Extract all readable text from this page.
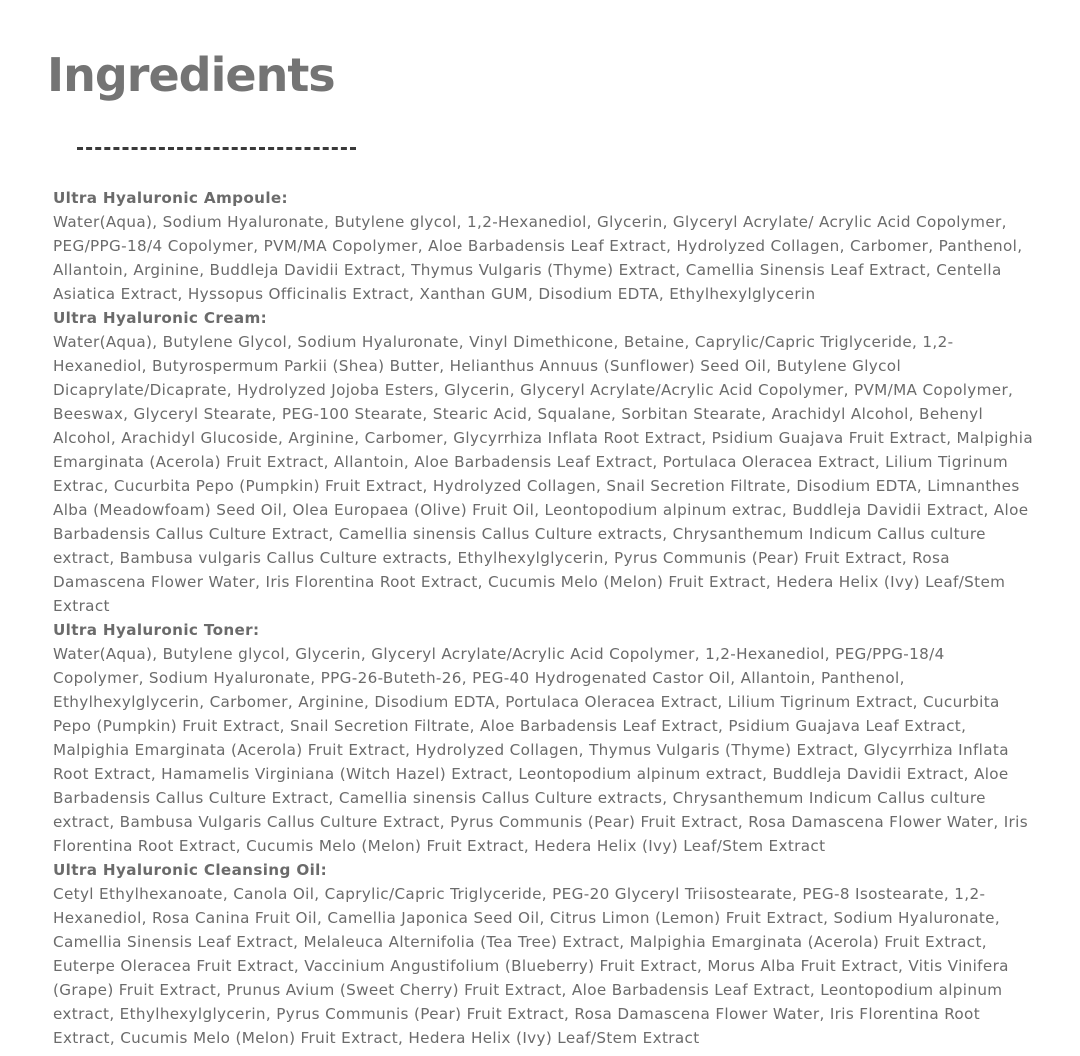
Ingredients

Ultra Hyaluronic Ampoule:

Water(Aqua), Sodium Hyaluronate, Butylene glycol, 1,2-Hexanediol, Glycerin, Glyceryl Acrylate/ Acrylic Acid Copolymer, PEG/PPG-18/4 Copolymer, PVM/MA Copolymer, Aloe Barbadensis Leaf Extract, Hydrolyzed Collagen, Carbomer, Panthenol, Allantoin, Arginine, Buddleja Davidii Extract, Thymus Vulgaris (Thyme) Extract, Camellia Sinensis Leaf Extract, Centella Asiatica Extract, Hyssopus Officinalis Extract, Xanthan GUM, Disodium EDTA, Ethylhexylglycerin

Ultra Hyaluronic Cream:

Water(Aqua), Butylene Glycol, Sodium Hyaluronate, Vinyl Dimethicone, Betaine, Caprylic/Capric Triglyceride, 1,2-Hexanediol, Butyrospermum Parkii (Shea) Butter, Helianthus Annuus (Sunflower) Seed Oil, Butylene Glycol Dicaprylate/Dicaprate, Hydrolyzed Jojoba Esters, Glycerin, Glyceryl Acrylate/Acrylic Acid Copolymer, PVM/MA Copolymer, Beeswax, Glyceryl Stearate, PEG-100 Stearate, Stearic Acid, Squalane, Sorbitan Stearate, Arachidyl Alcohol, Behenyl Alcohol, Arachidyl Glucoside, Arginine, Carbomer, Glycyrrhiza Inflata Root Extract, Psidium Guajava Fruit Extract, Malpighia Emarginata (Acerola) Fruit Extract, Allantoin, Aloe Barbadensis Leaf Extract, Portulaca Oleracea Extract, Lilium Tigrinum Extrac, Cucurbita Pepo (Pumpkin) Fruit Extract, Hydrolyzed Collagen, Snail Secretion Filtrate, Disodium EDTA, Limnanthes Alba (Meadowfoam) Seed Oil, Olea Europaea (Olive) Fruit Oil, Leontopodium alpinum extrac, Buddleja Davidii Extract, Aloe Barbadensis Callus Culture Extract, Camellia sinensis Callus Culture extracts, Chrysanthemum Indicum Callus culture extract, Bambusa vulgaris Callus Culture extracts, Ethylhexylglycerin, Pyrus Communis (Pear) Fruit Extract, Rosa Damascena Flower Water, Iris Florentina Root Extract, Cucumis Melo (Melon) Fruit Extract, Hedera Helix (Ivy) Leaf/Stem Extract

Ultra Hyaluronic Toner:

Water(Aqua), Butylene glycol, Glycerin, Glyceryl Acrylate/Acrylic Acid Copolymer, 1,2-Hexanediol, PEG/PPG-18/4 Copolymer, Sodium Hyaluronate, PPG-26-Buteth-26, PEG-40 Hydrogenated Castor Oil, Allantoin, Panthenol, Ethylhexylglycerin, Carbomer, Arginine, Disodium EDTA, Portulaca Oleracea Extract, Lilium Tigrinum Extract, Cucurbita Pepo (Pumpkin) Fruit Extract, Snail Secretion Filtrate, Aloe Barbadensis Leaf Extract, Psidium Guajava Leaf Extract, Malpighia Emarginata (Acerola) Fruit Extract, Hydrolyzed Collagen, Thymus Vulgaris (Thyme) Extract, Glycyrrhiza Inflata Root Extract, Hamamelis Virginiana (Witch Hazel) Extract, Leontopodium alpinum extract, Buddleja Davidii Extract, Aloe Barbadensis Callus Culture Extract, Camellia sinensis Callus Culture extracts, Chrysanthemum Indicum Callus culture extract, Bambusa Vulgaris Callus Culture Extract, Pyrus Communis (Pear) Fruit Extract, Rosa Damascena Flower Water, Iris Florentina Root Extract, Cucumis Melo (Melon) Fruit Extract, Hedera Helix (Ivy) Leaf/Stem Extract

Ultra Hyaluronic Cleansing Oil:

Cetyl Ethylhexanoate, Canola Oil, Caprylic/Capric Triglyceride, PEG-20 Glyceryl Triisostearate, PEG-8 Isostearate, 1,2-Hexanediol, Rosa Canina Fruit Oil, Camellia Japonica Seed Oil, Citrus Limon (Lemon) Fruit Extract, Sodium Hyaluronate, Camellia Sinensis Leaf Extract, Melaleuca Alternifolia (Tea Tree) Extract, Malpighia Emarginata (Acerola) Fruit Extract, Euterpe Oleracea Fruit Extract, Vaccinium Angustifolium (Blueberry) Fruit Extract, Morus Alba Fruit Extract, Vitis Vinifera (Grape) Fruit Extract, Prunus Avium (Sweet Cherry) Fruit Extract, Aloe Barbadensis Leaf Extract, Leontopodium alpinum extract, Ethylhexylglycerin, Pyrus Communis (Pear) Fruit Extract, Rosa Damascena Flower Water, Iris Florentina Root Extract, Cucumis Melo (Melon) Fruit Extract, Hedera Helix (Ivy) Leaf/Stem Extract
